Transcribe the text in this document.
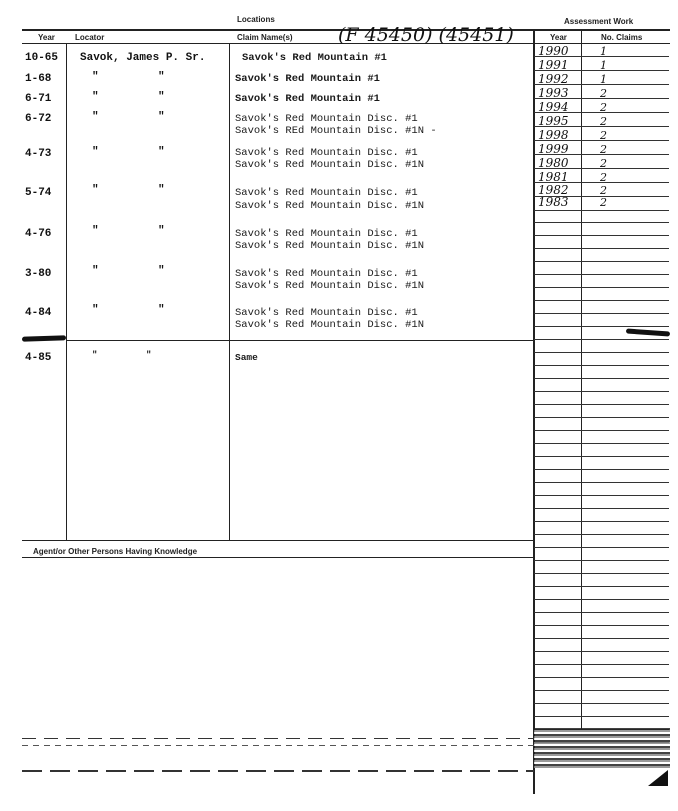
Locations	Assessment Work
Year	Locator	Claim Name(s)	Year	No. Claims
(F 45450) (45451)
10-65 Savok, James P. Sr.	Savok's Red Mountain #1
1-68	"         "	Savok's Red Mountain #1
6-71	"         "	Savok's Red Mountain #1
6-72	"         "	Savok's Red Mountain Disc. #1
Savok's REd Mountain Disc. #1N -
4-73	"         "	Savok's Red Mountain Disc. #1
Savok's Red Mountain Disc. #1N
5-74	"         "	Savok's Red Mountain Disc. #1
Savok's Red Mountain Disc. #1N
4-76	"         "	Savok's Red Mountain Disc. #1
Savok's Red Mountain Disc. #1N
3-80	"         "	Savok's Red Mountain Disc. #1
Savok's Red Mountain Disc. #1N
4-84	"         "	Savok's Red Mountain Disc. #1
Savok's Red Mountain Disc. #1N
4-85	"         "	Same
Agent/or Other Persons Having Knowledge
1990	1
1991	1
1992	1
1993	2
1994	2
1995	2
1998	2
1999	2
1980	2
1981	2
1982	2
1983	2
